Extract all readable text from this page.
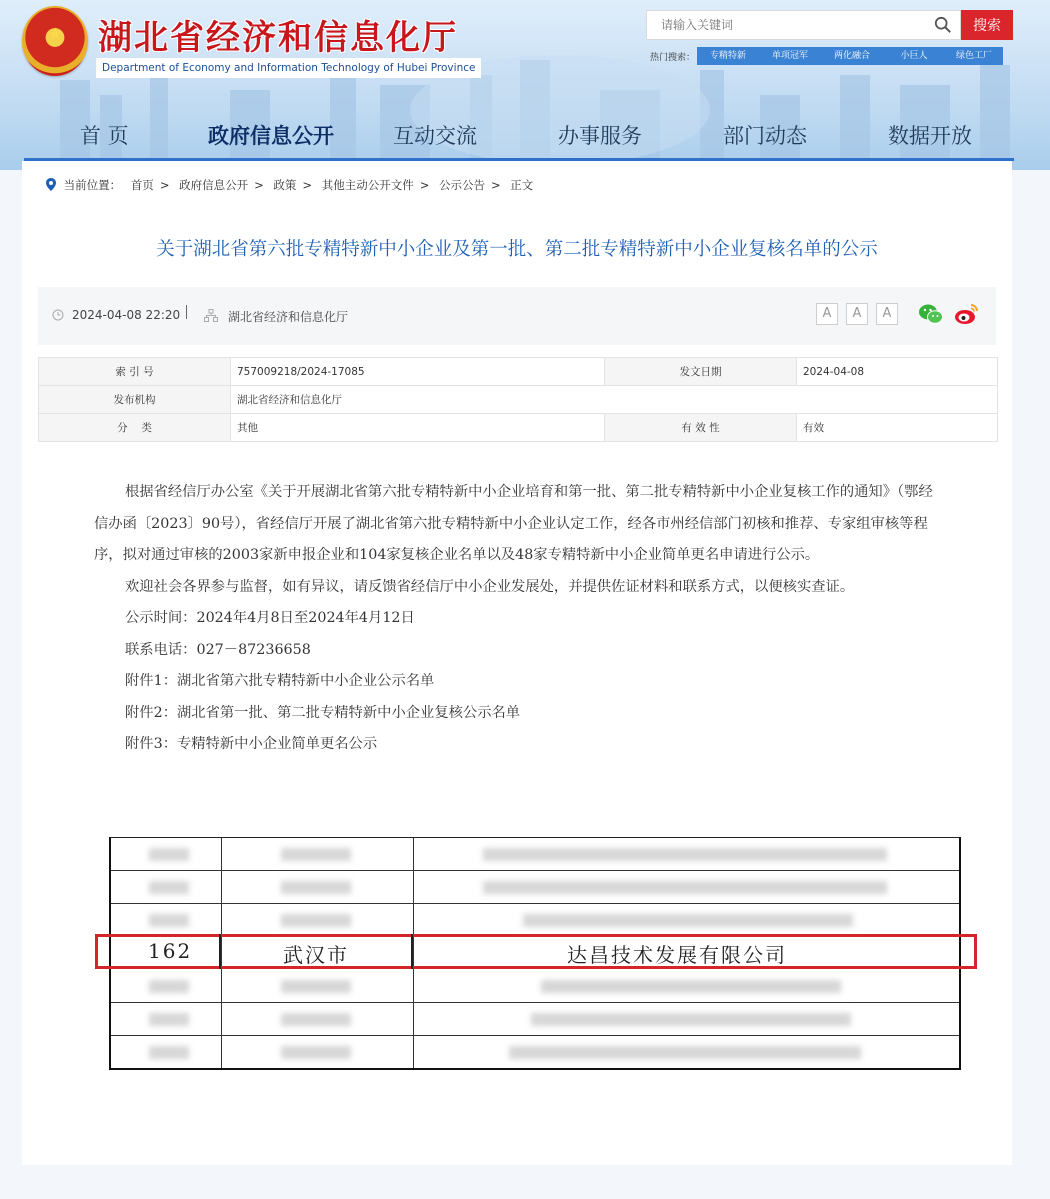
★ 湖北省经济和信息化厅
Department of Economy and Information Technology of Hubei Province
请输入关键词
搜索
热门搜索：	专精特新	单项冠军	两化融合	小巨人	绿色工厂
首 页	政府信息公开	互动交流	办事服务	部门动态	数据开放
当前位置： 首页 > 政府信息公开 > 政策 > 其他主动公开文件 > 公示公告 > 正文
关于湖北省第六批专精特新中小企业及第一批、第二批专精特新中小企业复核名单的公示
2024-04-08 22:20	湖北省经济和信息化厅	A	A	A
索 引 号	757009218/2024-17085	发文日期	2024-04-08
发布机构	湖北省经济和信息化厅		
分　 类	其他	有 效 性	有效

根据省经信厅办公室《关于开展湖北省第六批专精特新中小企业培育和第一批、第二批专精特新中小企业复核工作的通知》（鄂经信办函〔2023〕90号），省经信厅开展了湖北省第六批专精特新中小企业认定工作，经各市州经信部门初核和推荐、专家组审核等程序，拟对通过审核的2003家新申报企业和104家复核企业名单以及48家专精特新中小企业简单更名申请进行公示。

欢迎社会各界参与监督，如有异议，请反馈省经信厅中小企业发展处，并提供佐证材料和联系方式，以便核实查证。

公示时间：2024年4月8日至2024年4月12日

联系电话：027－87236658

附件1：湖北省第六批专精特新中小企业公示名单

附件2：湖北省第一批、第二批专精特新中小企业复核公示名单

附件3：专精特新中小企业简单更名公示

162	武汉市	达昌技术发展有限公司
